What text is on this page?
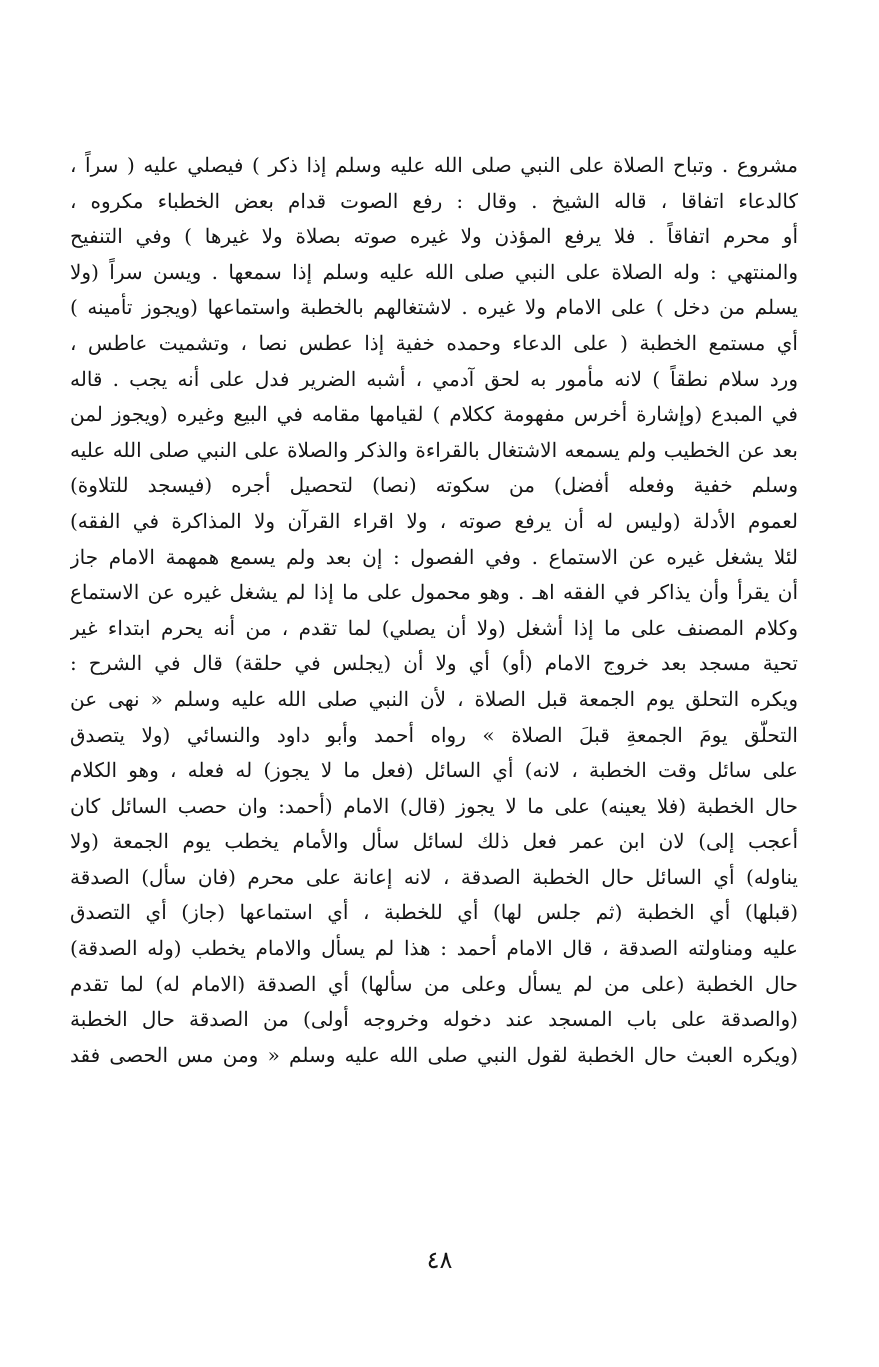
مشروع . وتباح الصلاة على النبي صلى الله عليه وسلم إذا ذكر ) فيصلي عليه ( سراً ،
كالدعاء اتفاقا ، قاله الشيخ . وقال : رفع الصوت قدام بعض الخطباء مكروه ،
أو محرم اتفاقاً . فلا يرفع المؤذن ولا غيره صوته بصلاة ولا غيرها ) وفي التنفيح
والمنتهي : وله الصلاة على النبي صلى الله عليه وسلم إذا سمعها . ويسن سراً (ولا
يسلم من دخل ) على الامام ولا غيره . لاشتغالهم بالخطبة واستماعها (ويجوز تأمينه )
أي مستمع الخطبة ( على الدعاء وحمده خفية إذا عطس نصا ، وتشميت عاطس ،
ورد سلام نطقاً ) لانه مأمور به لحق آدمي ، أشبه الضرير فدل على أنه يجب . قاله
في المبدع (وإشارة أخرس مفهومة ككلام ) لقيامها مقامه في البيع وغيره (ويجوز لمن
بعد عن الخطيب ولم يسمعه الاشتغال بالقراءة والذكر والصلاة على النبي صلى الله عليه
وسلم خفية وفعله أفضل) من سكوته (نصا) لتحصيل أجره (فيسجد للتلاوة)
لعموم الأدلة (وليس له أن يرفع صوته ، ولا اقراء القرآن ولا المذاكرة في الفقه)
لئلا يشغل غيره عن الاستماع . وفي الفصول : إن بعد ولم يسمع همهمة الامام جاز
أن يقرأ وأن يذاكر في الفقه اهـ . وهو محمول على ما إذا لم يشغل غيره عن الاستماع
وكلام المصنف على ما إذا أشغل (ولا أن يصلي) لما تقدم ، من أنه يحرم ابتداء غير
تحية مسجد بعد خروج الامام (أو) أي ولا أن (يجلس في حلقة) قال في الشرح :
ويكره التحلق يوم الجمعة قبل الصلاة ، لأن النبي صلى الله عليه وسلم « نهى عن
التحلّق يومَ الجمعةِ قبلَ الصلاة » رواه أحمد وأبو داود والنسائي (ولا يتصدق
على سائل وقت الخطبة ، لانه) أي السائل (فعل ما لا يجوز) له فعله ، وهو الكلام
حال الخطبة (فلا يعينه) على ما لا يجوز (قال) الامام (أحمد: وان حصب السائل كان
أعجب إلى) لان ابن عمر فعل ذلك لسائل سأل والأمام يخطب يوم الجمعة (ولا
يناوله) أي السائل حال الخطبة الصدقة ، لانه إعانة على محرم (فان سأل) الصدقة
(قبلها) أي الخطبة (ثم جلس لها) أي للخطبة ، أي استماعها (جاز) أي التصدق
عليه ومناولته الصدقة ، قال الامام أحمد : هذا لم يسأل والامام يخطب (وله الصدقة)
حال الخطبة (على من لم يسأل وعلى من سألها) أي الصدقة (الامام له) لما تقدم
(والصدقة على باب المسجد عند دخوله وخروجه أولى) من الصدقة حال الخطبة
(ويكره العبث حال الخطبة لقول النبي صلى الله عليه وسلم « ومن مس الحصى فقد
٤٨
